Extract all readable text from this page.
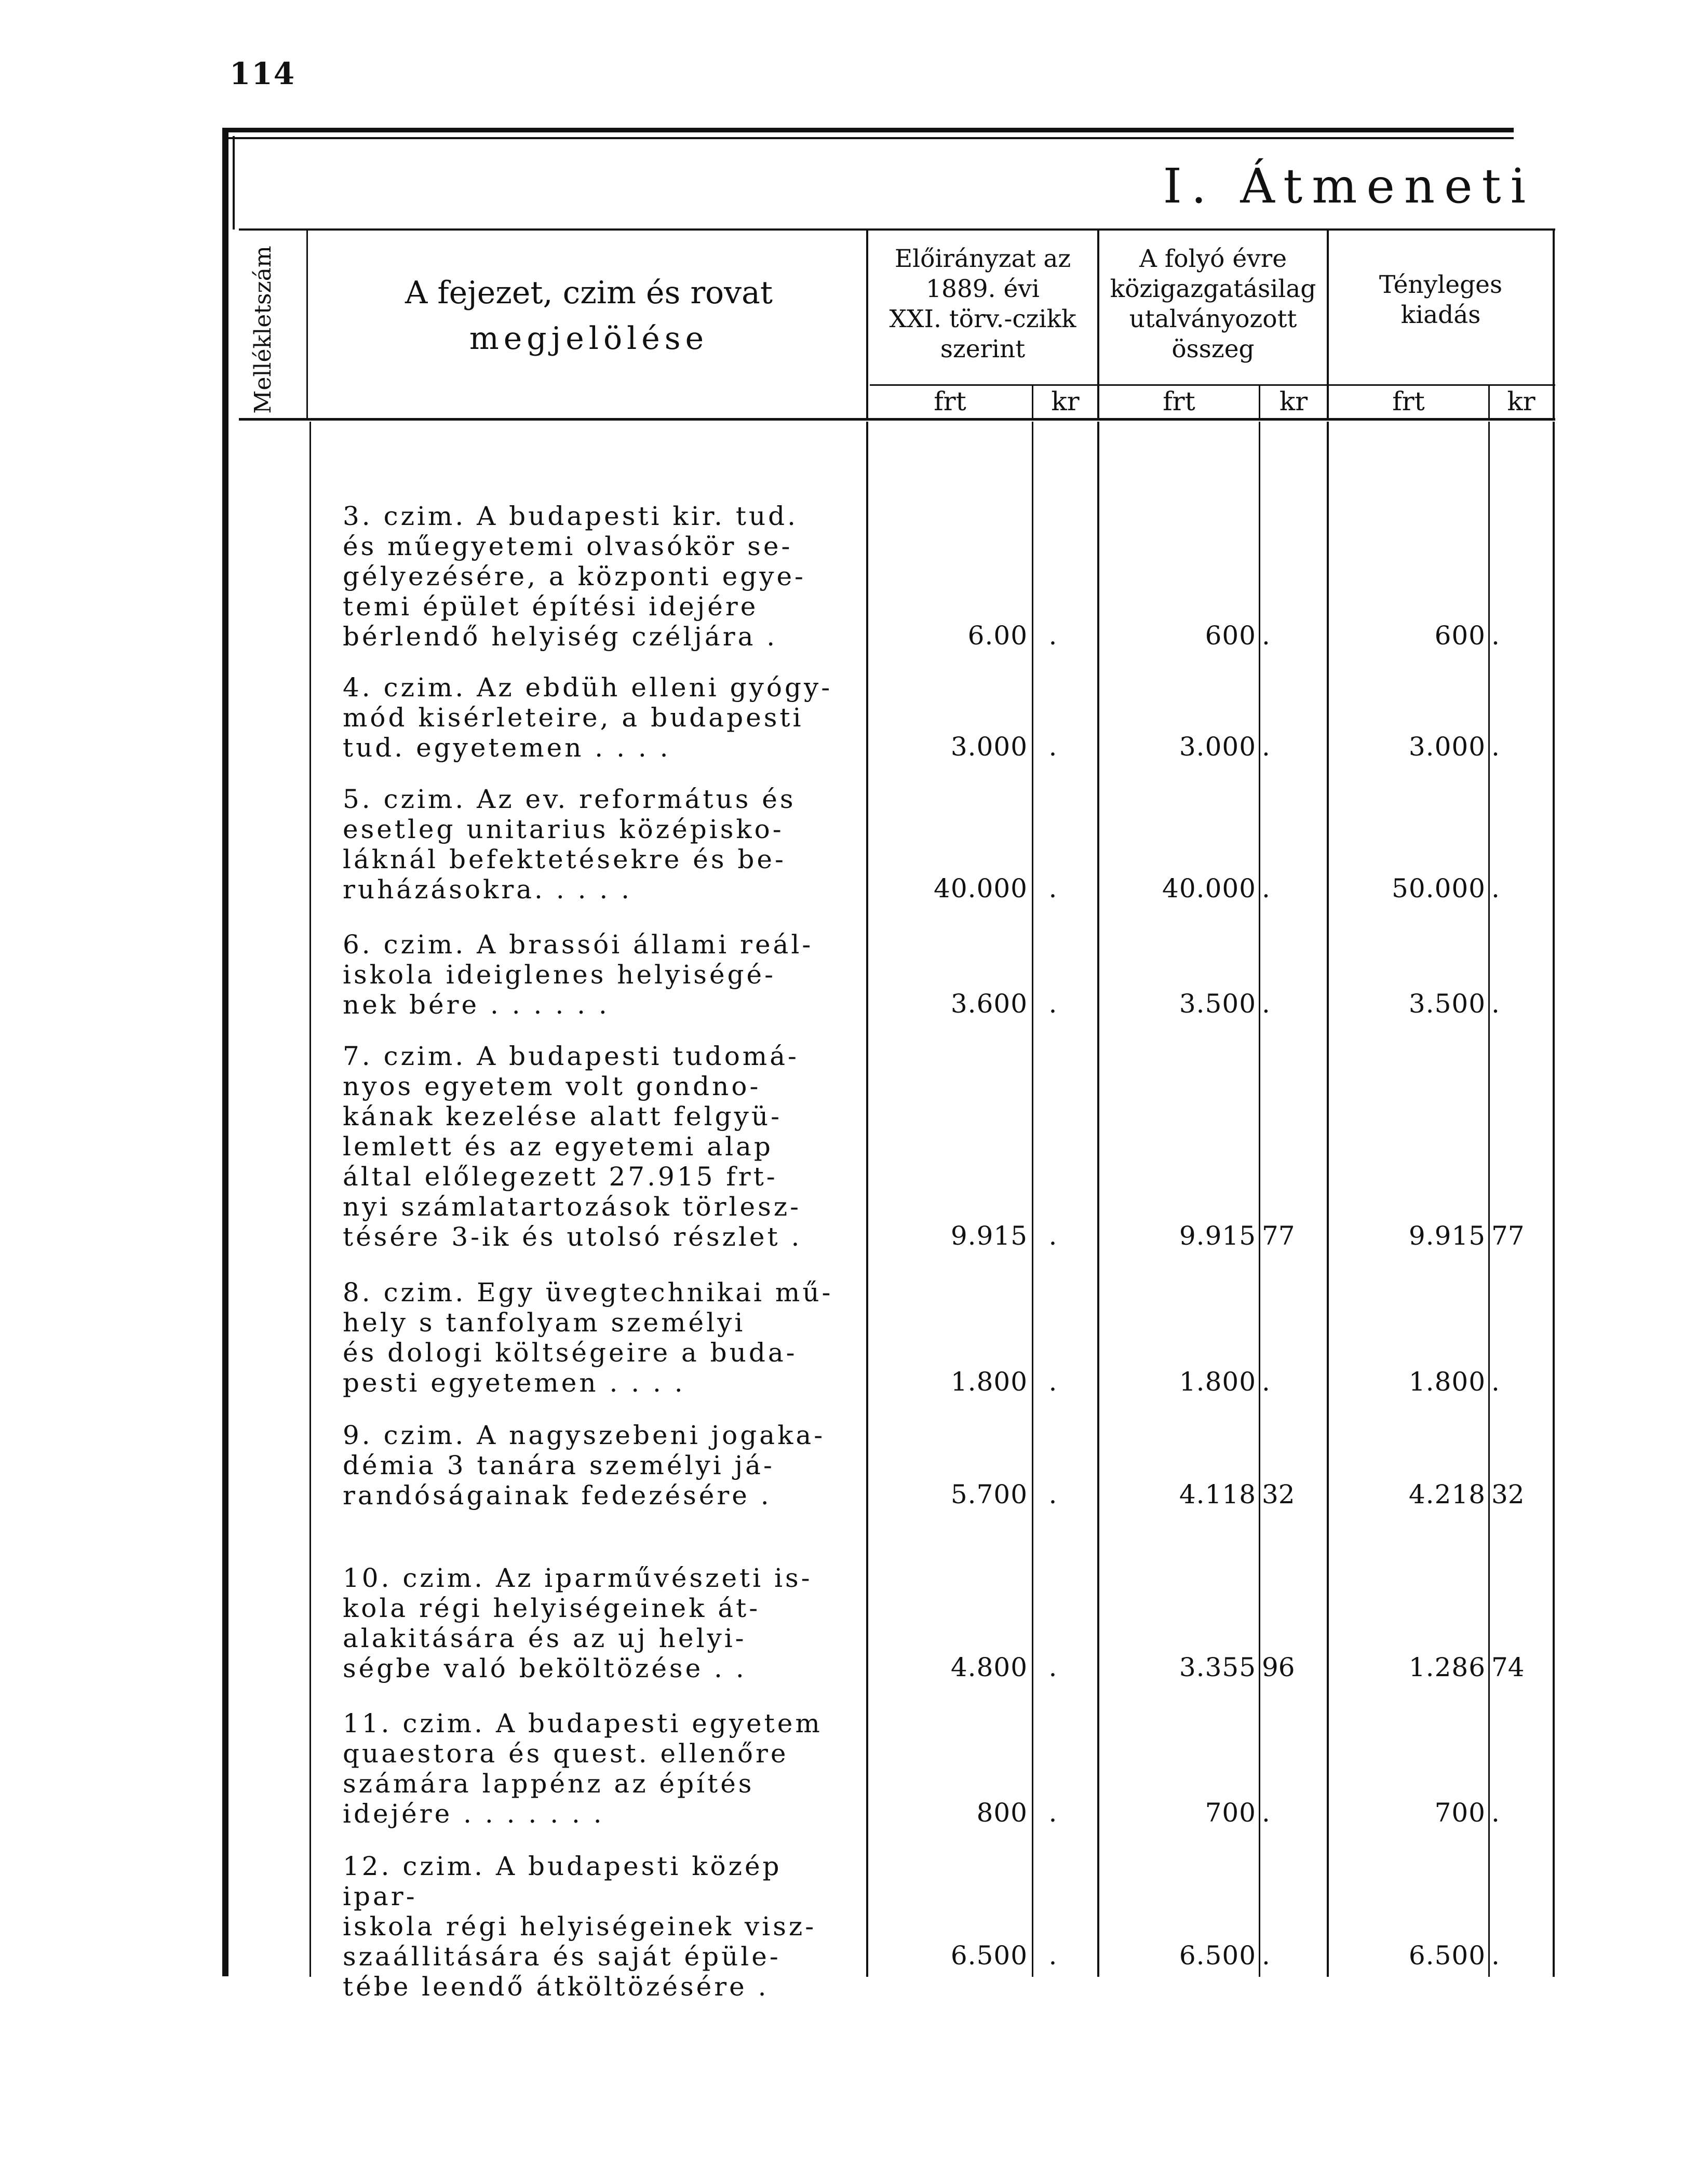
114
I. Átmeneti
Mellékletszám	A fejezet, czim és rovat
megjelölése
Előirányzat az
1889. évi
XXI. törv.-czikk
szerint
A folyó évre
közigazgatásilag
utalványozott
összeg
Tényleges
kiadás
frt	kr	frt	kr	frt	kr
3. czim. A budapesti kir. tud.
és műegyetemi olvasókör se-
gélyezésére, a központi egye-
temi épület építési idejére
bérlendő helyiség czéljára .	6.00 .	600 .	600 .
4. czim. Az ebdüh elleni gyógy-
mód kisérleteire, a budapesti
tud. egyetemen . . . .	3.000 .	3.000 .	3.000 .
5. czim. Az ev. református és
esetleg unitarius középisko-
láknál befektetésekre és be-
ruházásokra. . . . .	40.000 .	40.000 .	50.000 .
6. czim. A brassói állami reál-
iskola ideiglenes helyiségé-
nek bére . . . . . .	3.600 .	3.500 .	3.500 .
7. czim. A budapesti tudomá-
nyos egyetem volt gondno-
kának kezelése alatt felgyü-
lemlett és az egyetemi alap
által előlegezett 27.915 frt-
nyi számlatartozások törlesz-
tésére 3-ik és utolsó részlet .	9.915 .	9.915 77	9.915 77
8. czim. Egy üvegtechnikai mű-
hely s tanfolyam személyi
és dologi költségeire a buda-
pesti egyetemen . . . .	1.800 .	1.800 .	1.800 .
9. czim. A nagyszebeni jogaka-
démia 3 tanára személyi já-
randóságainak fedezésére .	5.700 .	4.118 32	4.218 32
10. czim. Az iparművészeti is-
kola régi helyiségeinek át-
alakitására és az uj helyi-
ségbe való beköltözése . .	4.800 .	3.355 96	1.286 74
11. czim. A budapesti egyetem
quaestora és quest. ellenőre
számára lappénz az építés
idejére . . . . . . .	800 .	700 .	700 .
12. czim. A budapesti közép ipar-
iskola régi helyiségeinek visz-
szaállitására és saját épüle-
tébe leendő átköltözésére .
6.500 .	6.500 .	6.500 .
